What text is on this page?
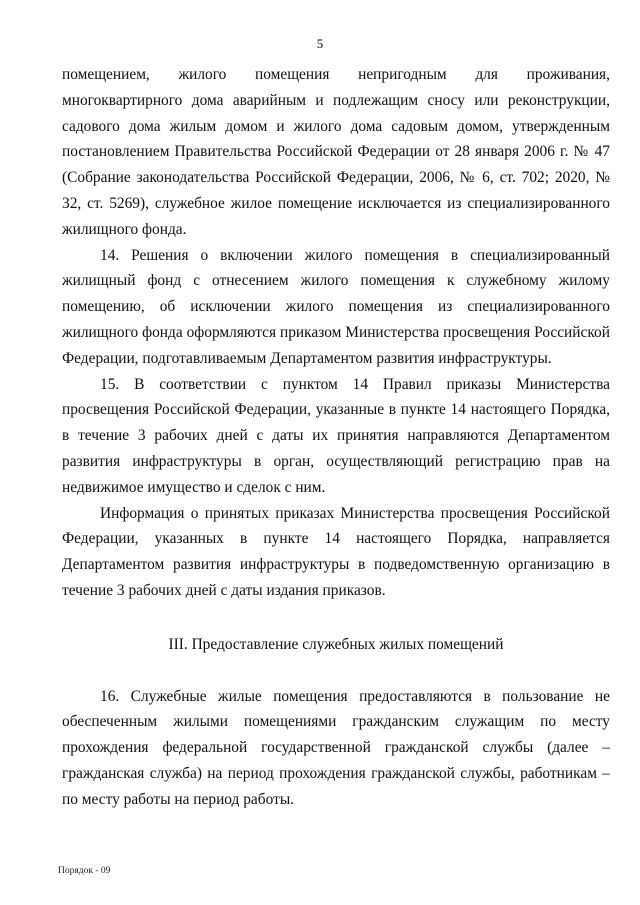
5

помещением, жилого помещения непригодным для проживания, многоквартирного дома аварийным и подлежащим сносу или реконструкции, садового дома жилым домом и жилого дома садовым домом, утвержденным постановлением Правительства Российской Федерации от 28 января 2006 г. № 47 (Собрание законодательства Российской Федерации, 2006, № 6, ст. 702; 2020, № 32, ст. 5269), служебное жилое помещение исключается из специализированного жилищного фонда.

14. Решения о включении жилого помещения в специализированный жилищный фонд с отнесением жилого помещения к служебному жилому помещению, об исключении жилого помещения из специализированного жилищного фонда оформляются приказом Министерства просвещения Российской Федерации, подготавливаемым Департаментом развития инфраструктуры.

15. В соответствии с пунктом 14 Правил приказы Министерства просвещения Российской Федерации, указанные в пункте 14 настоящего Порядка, в течение 3 рабочих дней с даты их принятия направляются Департаментом развития инфраструктуры в орган, осуществляющий регистрацию прав на недвижимое имущество и сделок с ним.

Информация о принятых приказах Министерства просвещения Российской Федерации, указанных в пункте 14 настоящего Порядка, направляется Департаментом развития инфраструктуры в подведомственную организацию в течение 3 рабочих дней с даты издания приказов.

III. Предоставление служебных жилых помещений

16. Служебные жилые помещения предоставляются в пользование не обеспеченным жилыми помещениями гражданским служащим по месту прохождения федеральной государственной гражданской службы (далее – гражданская служба) на период прохождения гражданской службы, работникам – по месту работы на период работы.

Порядок - 09
